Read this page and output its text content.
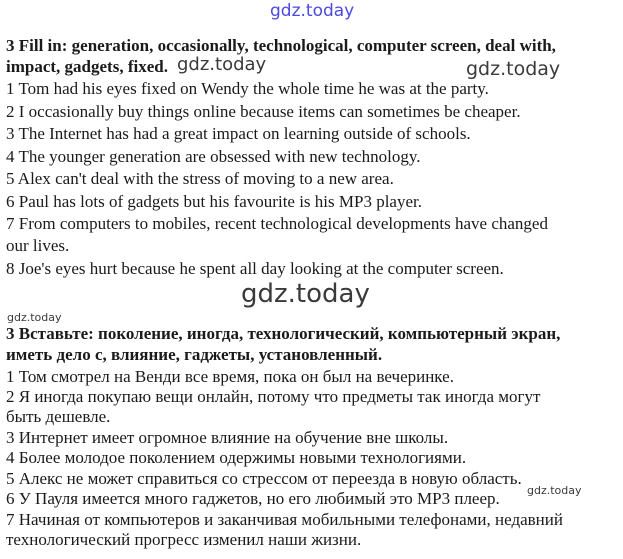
gdz.today
3 Fill in: generation, occasionally, technological, computer screen, deal with,
impact, gadgets, fixed. gdz.today	gdz.today
1 Tom had his eyes fixed on Wendy the whole time he was at the party.
2 I occasionally buy things online because items can sometimes be cheaper.
3 The Internet has had a great impact on learning outside of schools.
4 The younger generation are obsessed with new technology.
5 Alex can't deal with the stress of moving to a new area.
6 Paul has lots of gadgets but his favourite is his MP3 player.
7 From computers to mobiles, recent technological developments have changed
our lives.
8 Joe's eyes hurt because he spent all day looking at the computer screen.
gdz.today
gdz.today
3 Вставьте: поколение, иногда, технологический, компьютерный экран,
иметь дело с, влияние, гаджеты, установленный.
1 Том смотрел на Венди все время, пока он был на вечеринке.
2 Я иногда покупаю вещи онлайн, потому что предметы так иногда могут
быть дешевле.
3 Интернет имеет огромное влияние на обучение вне школы.
4 Более молодое поколением одержимы новыми технологиями.
5 Алекс не может справиться со стрессом от переезда в новую область.
6 У Пауля имеется много гаджетов, но его любимый это MP3 плеер. gdz.today
7 Начиная от компьютеров и заканчивая мобильными телефонами, недавний
технологический прогресс изменил наши жизни.
